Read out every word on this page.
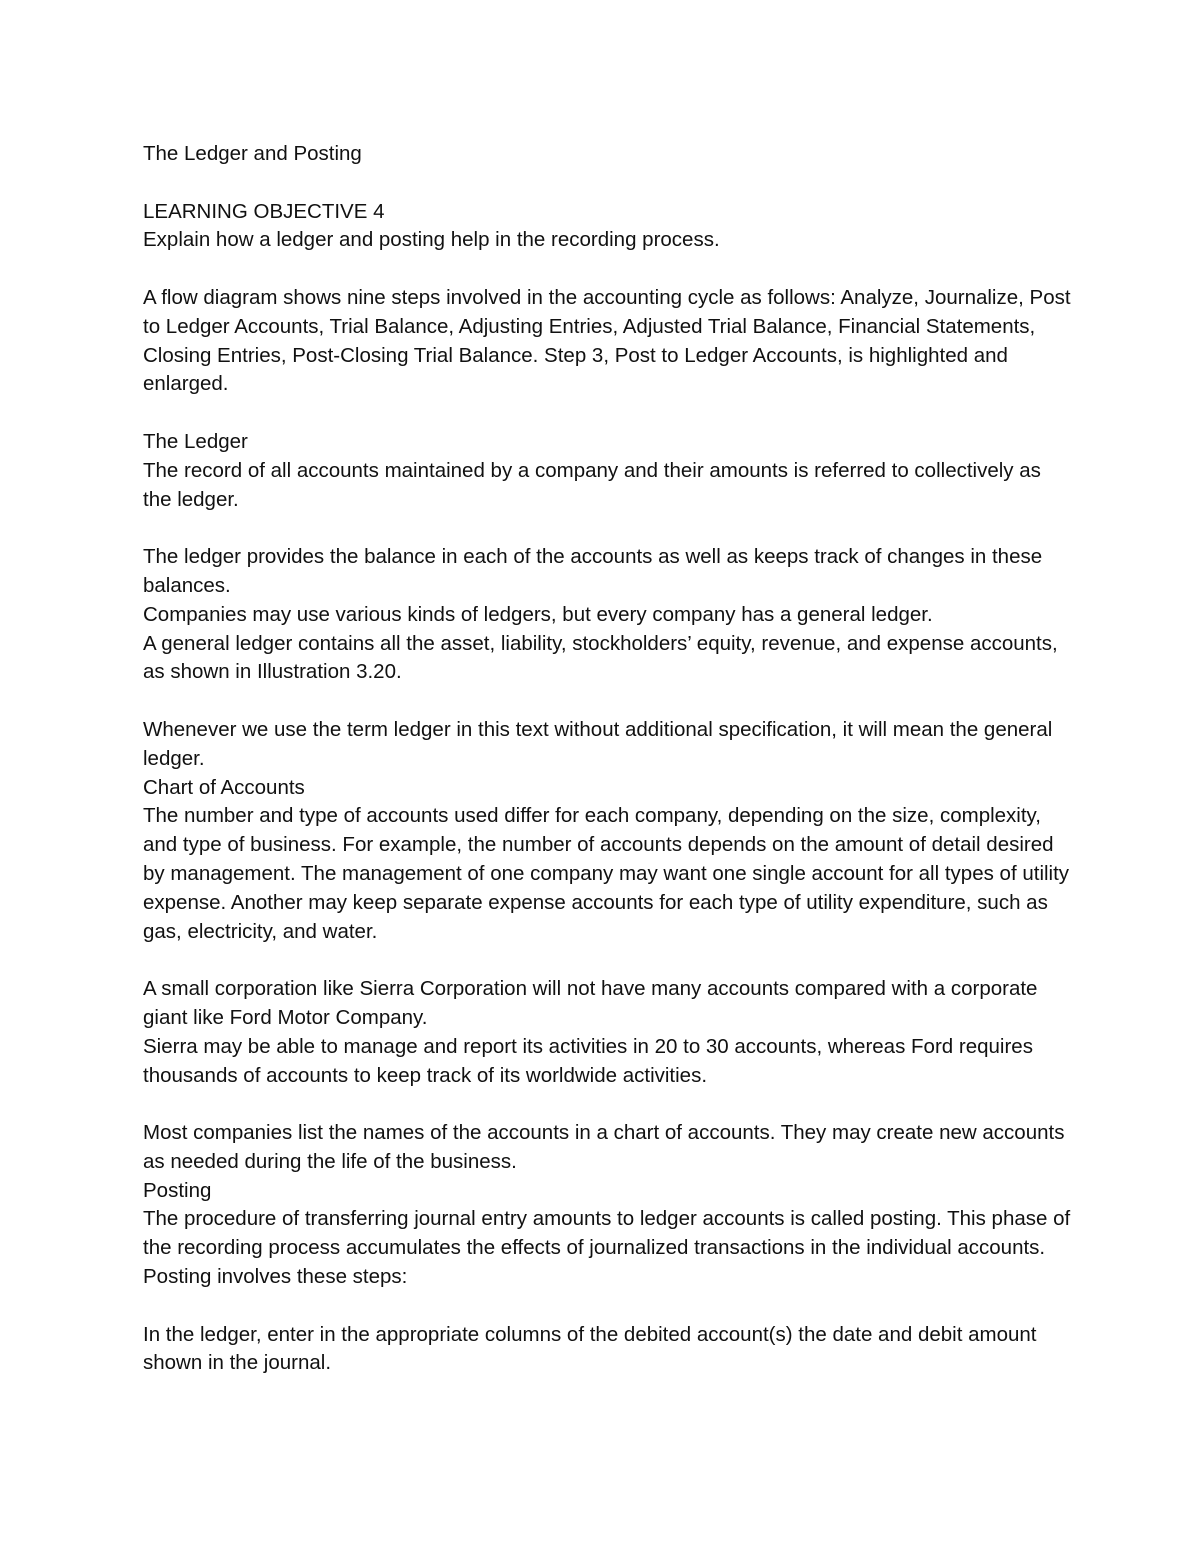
The Ledger and Posting

LEARNING OBJECTIVE 4

Explain how a ledger and posting help in the recording process.

A flow diagram shows nine steps involved in the accounting cycle as follows: Analyze, Journalize, Post to Ledger Accounts, Trial Balance, Adjusting Entries, Adjusted Trial Balance, Financial Statements, Closing Entries, Post-Closing Trial Balance. Step 3, Post to Ledger Accounts, is highlighted and enlarged.

The Ledger

The record of all accounts maintained by a company and their amounts is referred to collectively as the ledger.

The ledger provides the balance in each of the accounts as well as keeps track of changes in these balances.

Companies may use various kinds of ledgers, but every company has a general ledger.

A general ledger contains all the asset, liability, stockholders’ equity, revenue, and expense accounts, as shown in Illustration 3.20.

Whenever we use the term ledger in this text without additional specification, it will mean the general ledger.

Chart of Accounts

The number and type of accounts used differ for each company, depending on the size, complexity, and type of business. For example, the number of accounts depends on the amount of detail desired by management. The management of one company may want one single account for all types of utility expense. Another may keep separate expense accounts for each type of utility expenditure, such as gas, electricity, and water.

A small corporation like Sierra Corporation will not have many accounts compared with a corporate giant like Ford Motor Company.

Sierra may be able to manage and report its activities in 20 to 30 accounts, whereas Ford requires thousands of accounts to keep track of its worldwide activities.

Most companies list the names of the accounts in a chart of accounts. They may create new accounts as needed during the life of the business.

Posting

The procedure of transferring journal entry amounts to ledger accounts is called posting. This phase of the recording process accumulates the effects of journalized transactions in the individual accounts. Posting involves these steps:

In the ledger, enter in the appropriate columns of the debited account(s) the date and debit amount shown in the journal.
